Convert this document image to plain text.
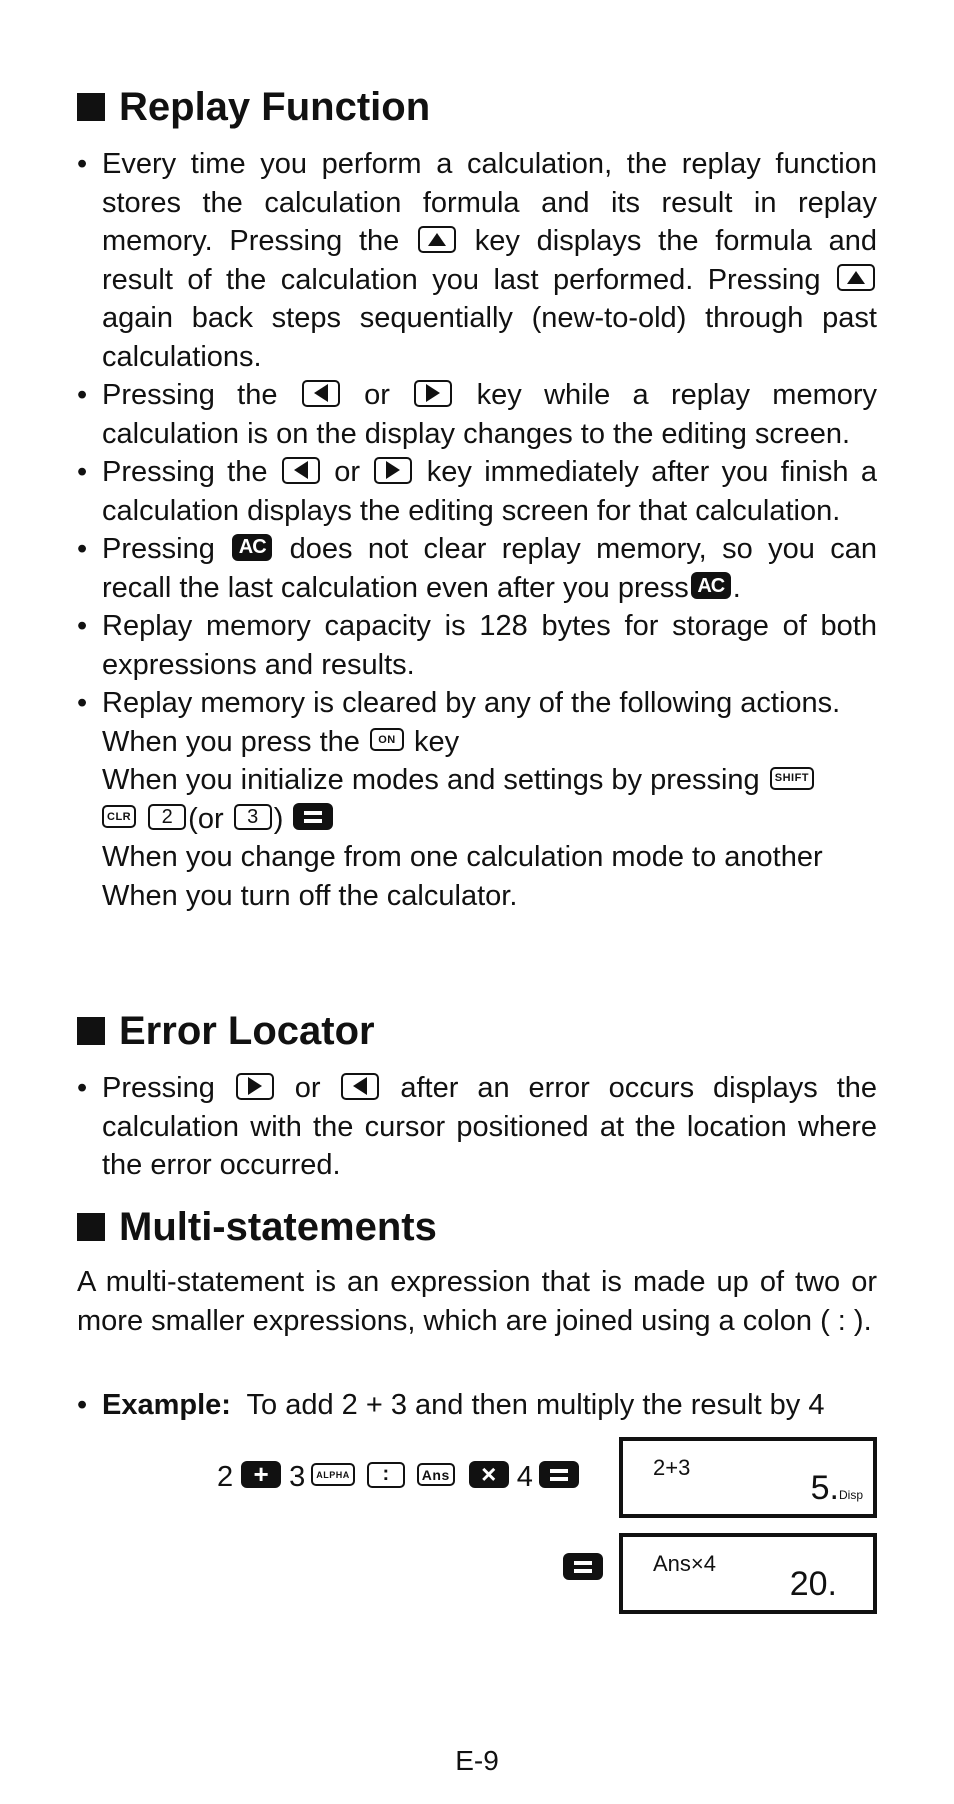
Replay Function
• Every time you perform a calculation, the replay function stores the calculation formula and its result in replay memory. Pressing the	key displays the formula and result of the calculation you last performed. Pressing
again back steps sequentially (new-to-old) through past calculations.
• Pressing the	or	key while a replay memory calculation is on the display changes to the editing screen.
• Pressing the or key immediately after you finish a calculation displays the editing screen for that calculation.
• Pressing AC does not clear replay memory, so you can recall the last calculation even after you press AC .
• Replay memory capacity is 128 bytes for storage of both expressions and results.
• Replay memory is cleared by any of the following actions.
When you press the ON key
When you initialize modes and settings by pressing SHIFT
CLR 2 (or 3 )
When you change from one calculation mode to another
When you turn off the calculator.
Error Locator
• Pressing	or	after an error occurs displays the calculation with the cursor positioned at the location where the error occurred.
Multi-statements

A multi-statement is an expression that is made up of two or more smaller expressions, which are joined using a colon ( : ).

• Example: To add 2 + 3 and then multiply the result by 4
2 + 3	ALPHA	:	Ans	× 4	2+3
5.Disp
Ans×4
20.
E-9
